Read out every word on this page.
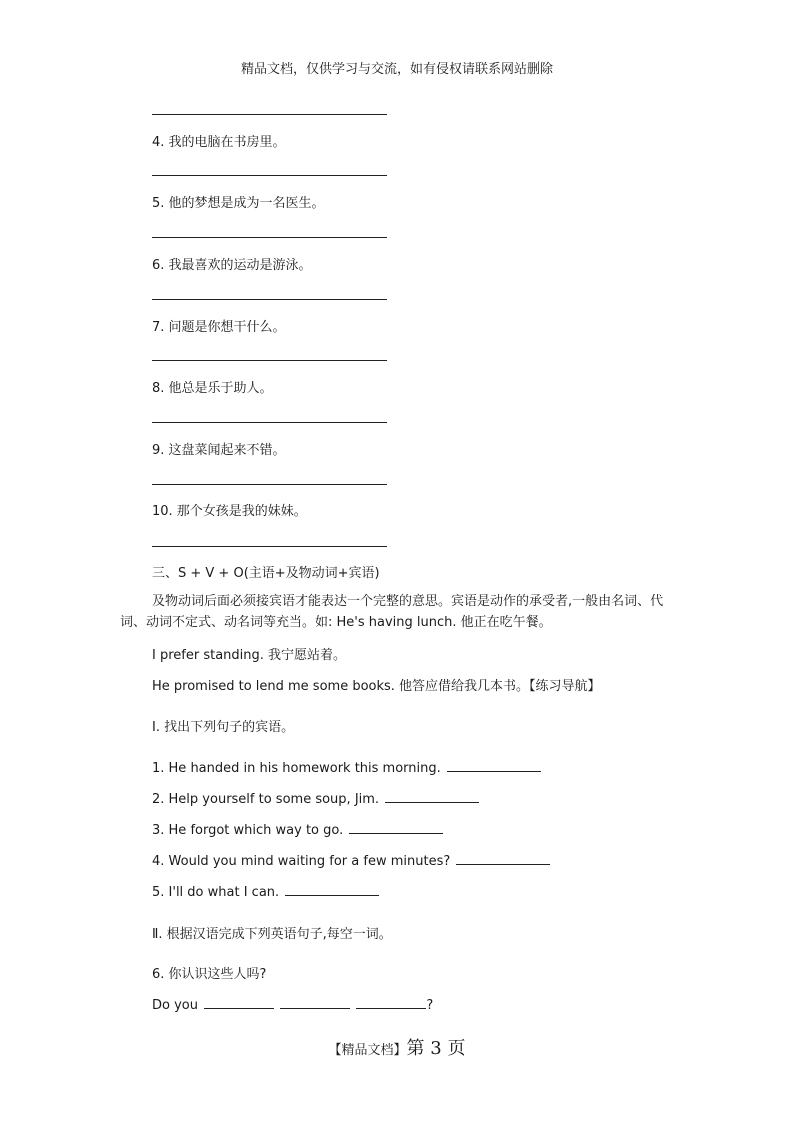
精品文档，仅供学习与交流，如有侵权请联系网站删除
4. 我的电脑在书房里。
5. 他的梦想是成为一名医生。
6. 我最喜欢的运动是游泳。
7. 问题是你想干什么。
8. 他总是乐于助人。
9. 这盘菜闻起来不错。
10. 那个女孩是我的妹妹。
三、S + V + O(主语+及物动词+宾语)
及物动词后面必须接宾语才能表达一个完整的意思。宾语是动作的承受者,一般由名词、代词、动词不定式、动名词等充当。如: He's having lunch. 他正在吃午餐。
I prefer standing. 我宁愿站着。
He promised to lend me some books. 他答应借给我几本书。【练习导航】
Ⅰ. 找出下列句子的宾语。
1. He handed in his homework this morning.
2. Help yourself to some soup, Jim.
3. He forgot which way to go.
4. Would you mind waiting for a few minutes?
5. I'll do what I can.
Ⅱ. 根据汉语完成下列英语句子,每空一词。
6. 你认识这些人吗?
Do you	?
【精品文档】第 3 页
